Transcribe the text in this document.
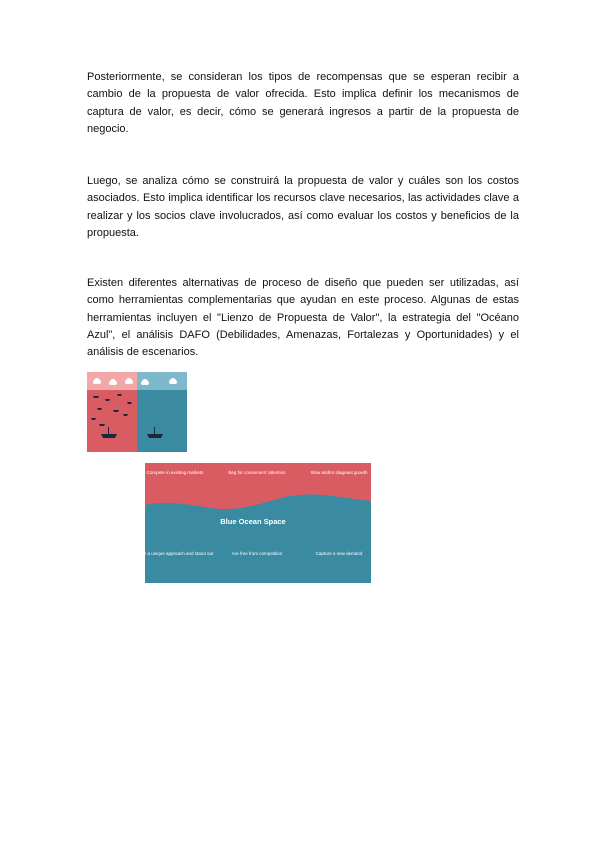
Posteriormente, se consideran los tipos de recompensas que se esperan recibir a cambio de la propuesta de valor ofrecida. Esto implica definir los mecanismos de captura de valor, es decir, cómo se generará ingresos a partir de la propuesta de negocio.

Luego, se analiza cómo se construirá la propuesta de valor y cuáles son los costos asociados. Esto implica identificar los recursos clave necesarios, las actividades clave a realizar y los socios clave involucrados, así como evaluar los costos y beneficios de la propuesta.

Existen diferentes alternativas de proceso de diseño que pueden ser utilizadas, así como herramientas complementarias que ayudan en este proceso. Algunas de estas herramientas incluyen el "Lienzo de Propuesta de Valor", la estrategia del "Océano Azul", el análisis DAFO (Debilidades, Amenazas, Fortalezas y Oportunidades) y el análisis de escenarios.

Compete in existing markets	Beg for consumers' attention	Slow and/or stagnant growth
Blue Ocean Space
Take a unique approach and stand out	Are free from competition	Capture a new demand
